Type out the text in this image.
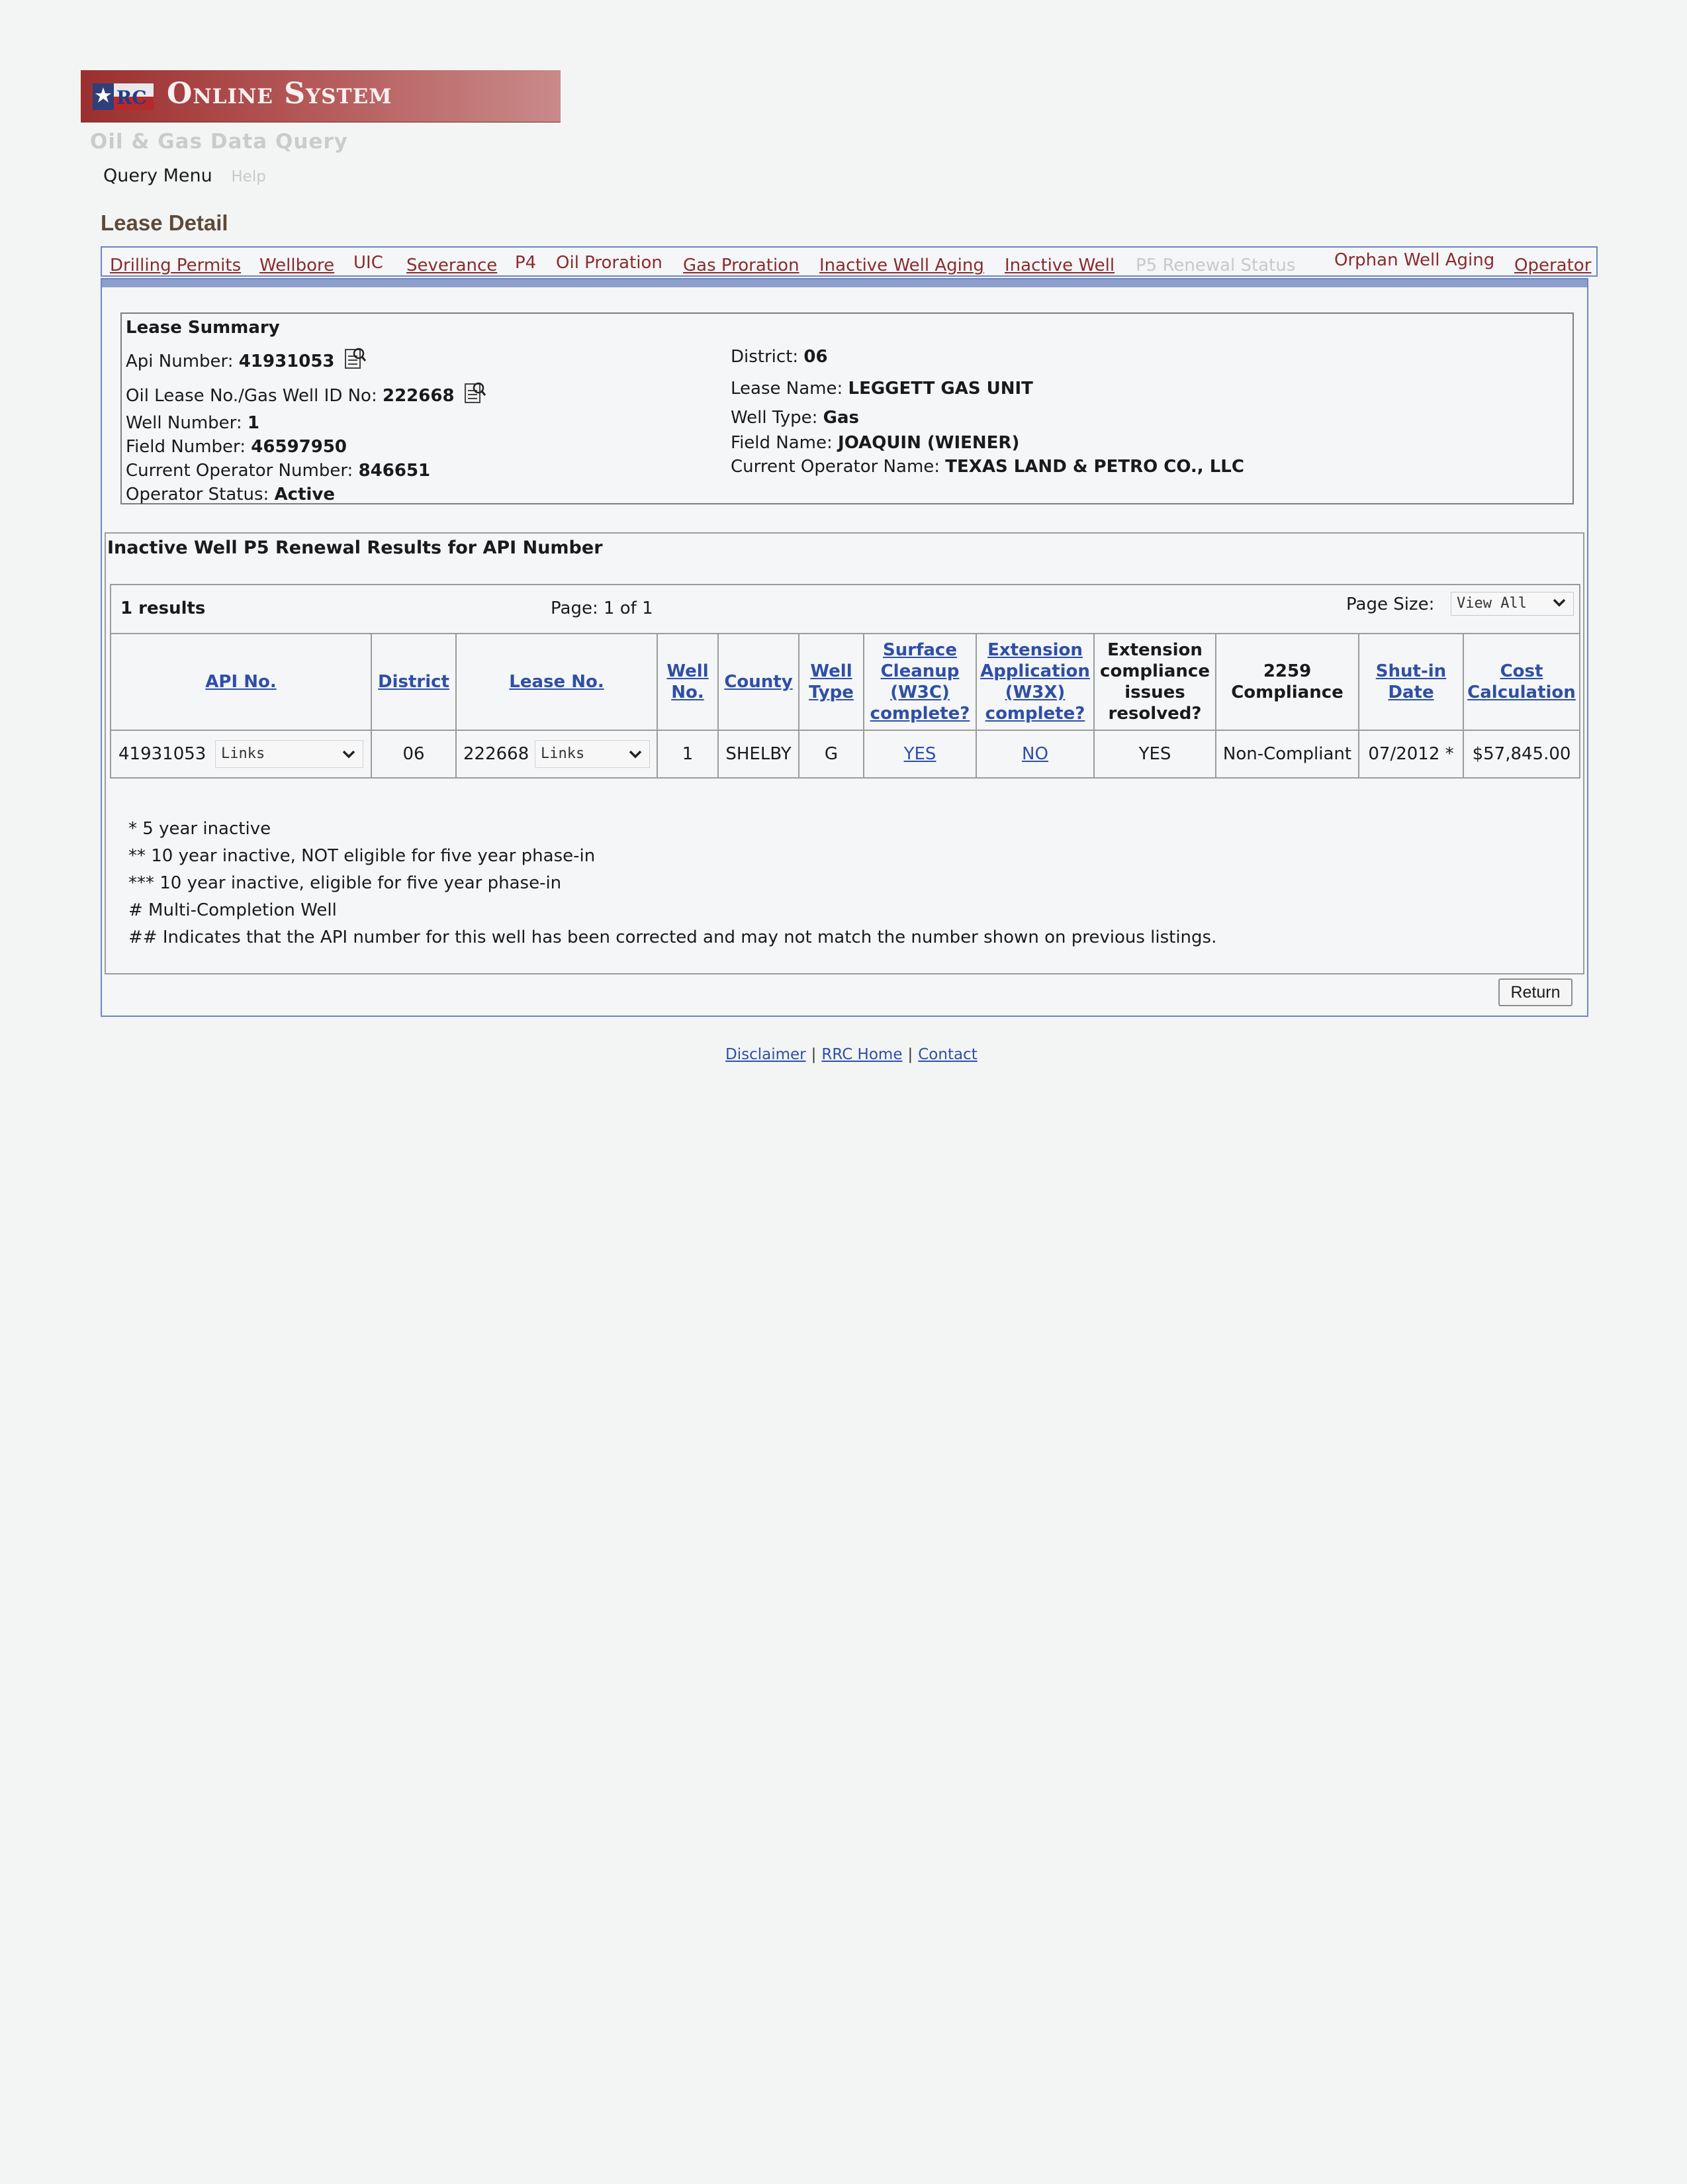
RC Online System
Oil & Gas Data Query
Query Menu Help
Lease Detail
Drilling Permits Wellbore UIC Severance P4 Oil Proration Gas Proration Inactive Well Aging Inactive Well P5 Renewal Status Orphan Well Aging Operator
Lease Summary
Api Number: 41931053
Oil Lease No./Gas Well ID No: 222668
Well Number: 1
Field Number: 46597950
Current Operator Number: 846651
Operator Status: Active
District: 06
Lease Name: LEGGETT GAS UNIT
Well Type: Gas
Field Name: JOAQUIN (WIENER)
Current Operator Name: TEXAS LAND & PETRO CO., LLC
Inactive Well P5 Renewal Results for API Number
1 results	Page: 1 of 1	Page Size:	View All
API No.	District	Lease No.	Well No.	County	Well Type	Surface Cleanup (W3C) complete?	Extension Application (W3X) complete?	Extension compliance issues resolved?	2259 Compliance	Shut-in Date	Cost Calculation

41931053 Links	06	222668 Links	1	SHELBY	G	YES	NO	YES	Non-Compliant	07/2012 *	$57,845.00
* 5 year inactive
** 10 year inactive, NOT eligible for five year phase-in
*** 10 year inactive, eligible for five year phase-in
# Multi-Completion Well
## Indicates that the API number for this well has been corrected and may not match the number shown on previous listings.
Return
Disclaimer | RRC Home | Contact
